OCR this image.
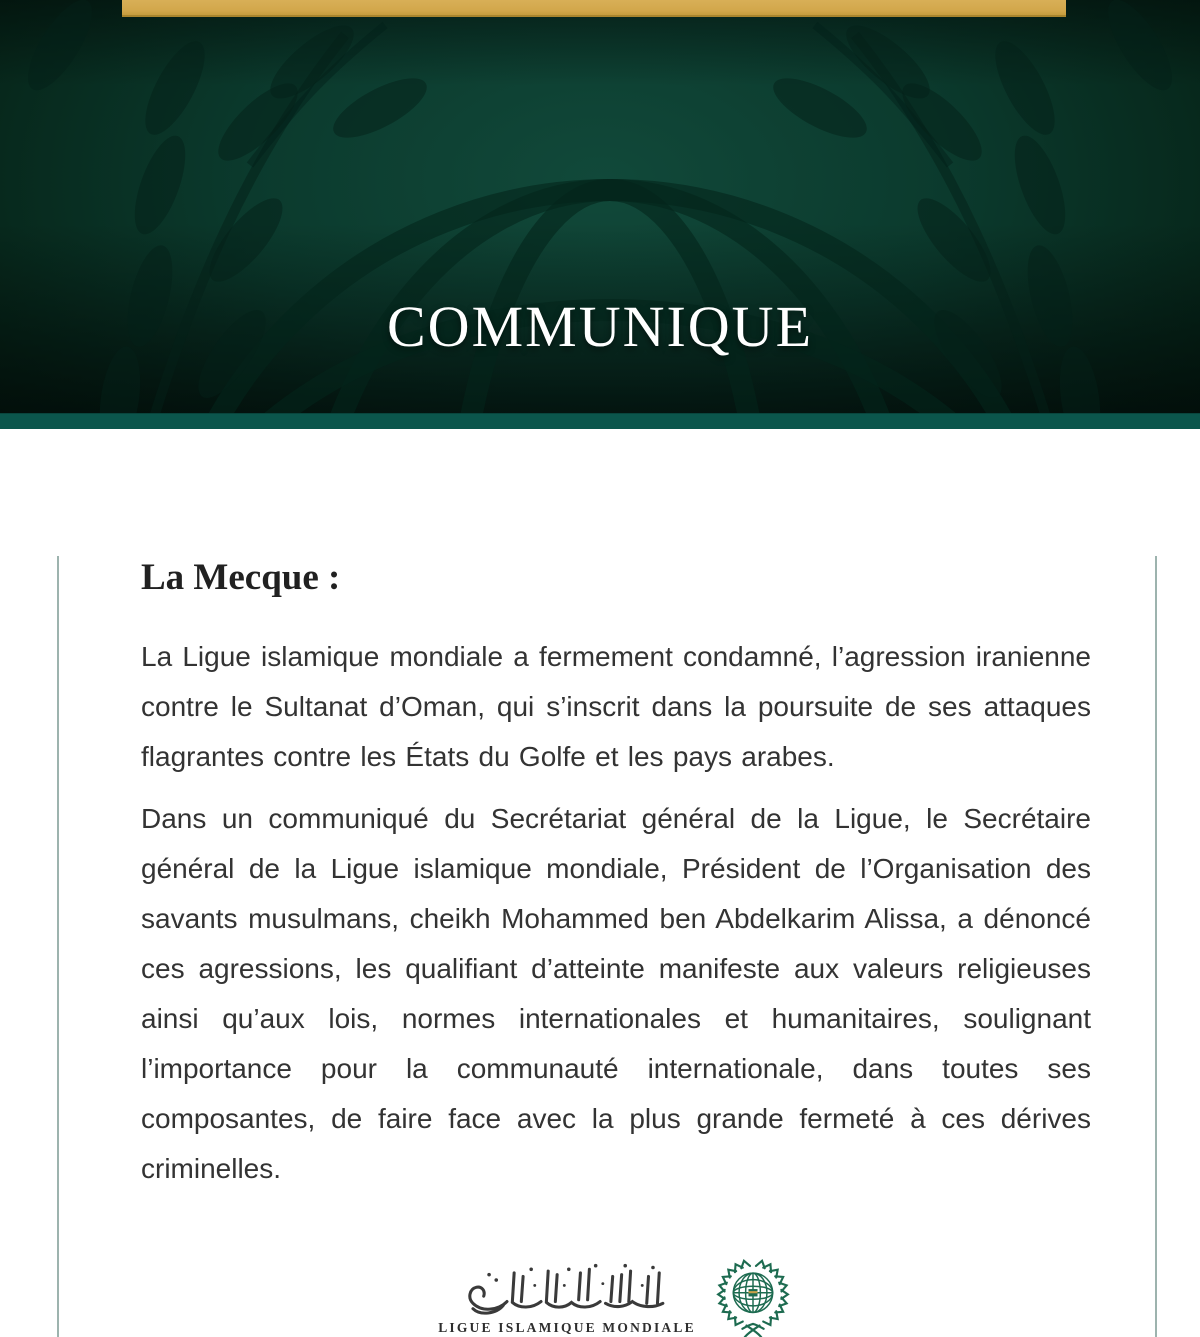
COMMUNIQUE
La Mecque :

La Ligue islamique mondiale a fermement condamné, l’agression iranienne contre le Sultanat d’Oman, qui s’inscrit dans la poursuite de ses attaques flagrantes contre les États du Golfe et les pays arabes.

Dans un communiqué du Secrétariat général de la Ligue, le Secrétaire général de la Ligue islamique mondiale, Président de l’Organisation des savants musulmans, cheikh Mohammed ben Abdelkarim Alissa, a dénoncé ces agressions, les qualifiant d’atteinte manifeste aux valeurs religieuses ainsi qu’aux lois, normes internationales et humanitaires, soulignant l’importance pour la communauté internationale, dans toutes ses composantes, de faire face avec la plus grande fermeté à ces dérives criminelles.

LIGUE ISLAMIQUE MONDIALE
